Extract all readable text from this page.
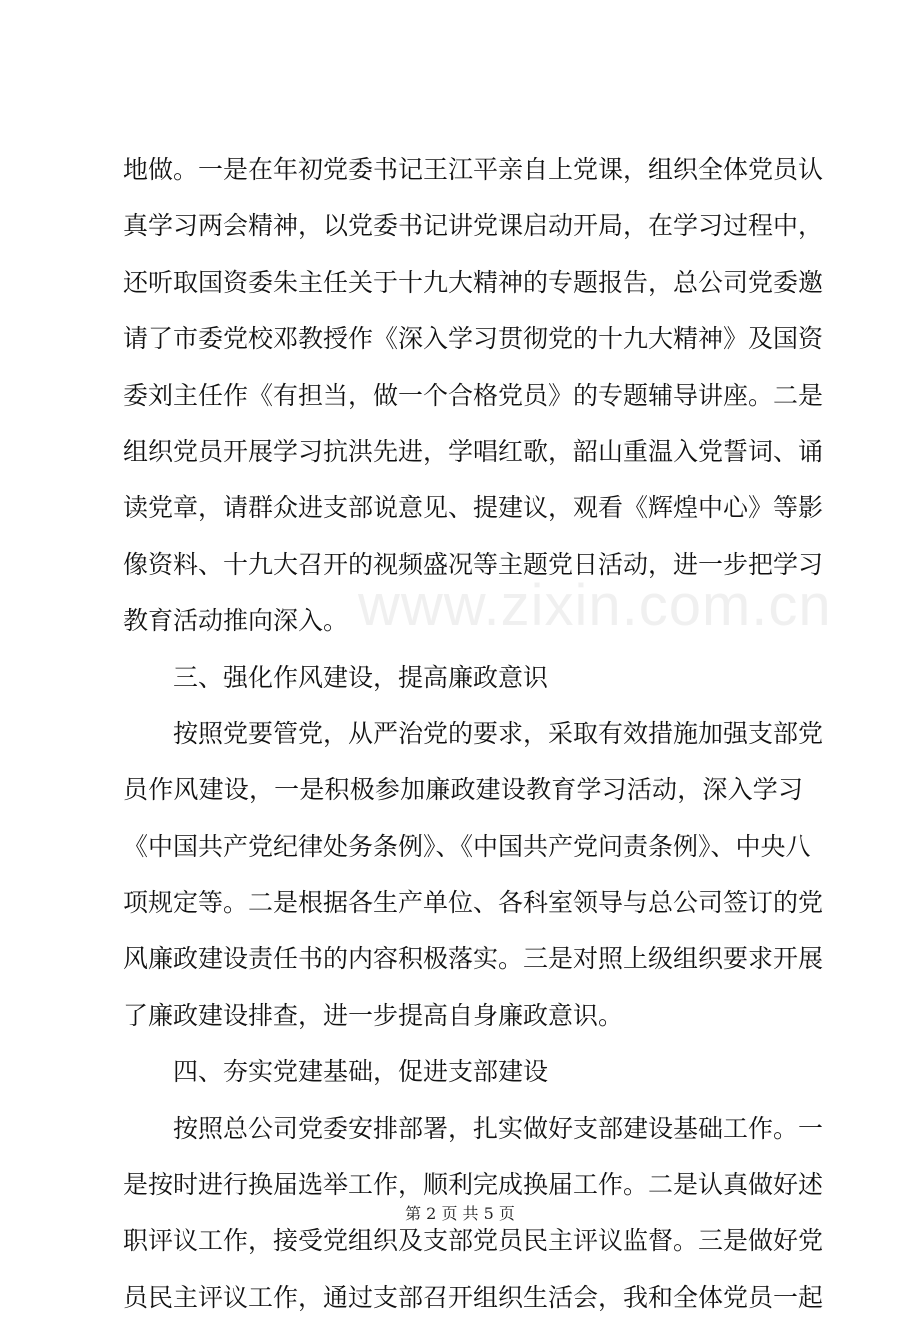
www.zixin.com.cn
地做。一是在年初党委书记王江平亲自上党课，组织全体党员认
真学习两会精神，以党委书记讲党课启动开局，在学习过程中，
还听取国资委朱主任关于十九大精神的专题报告，总公司党委邀
请了市委党校邓教授作《深入学习贯彻党的十九大精神》及国资
委刘主任作《有担当，做一个合格党员》的专题辅导讲座。二是
组织党员开展学习抗洪先进，学唱红歌，韶山重温入党誓词、诵
读党章，请群众进支部说意见、提建议，观看《辉煌中心》等影
像资料、十九大召开的视频盛况等主题党日活动，进一步把学习
教育活动推向深入。
三、强化作风建设，提高廉政意识
按照党要管党，从严治党的要求，采取有效措施加强支部党
员作风建设，一是积极参加廉政建设教育学习活动，深入学习
《中国共产党纪律处务条例》、《中国共产党问责条例》、中央八
项规定等。二是根据各生产单位、各科室领导与总公司签订的党
风廉政建设责任书的内容积极落实。三是对照上级组织要求开展
了廉政建设排查，进一步提高自身廉政意识。
四、夯实党建基础，促进支部建设
按照总公司党委安排部署，扎实做好支部建设基础工作。一
是按时进行换届选举工作，顺利完成换届工作。二是认真做好述
职评议工作，接受党组织及支部党员民主评议监督。三是做好党
员民主评议工作，通过支部召开组织生活会，我和全体党员一起
第 2 页 共 5 页
